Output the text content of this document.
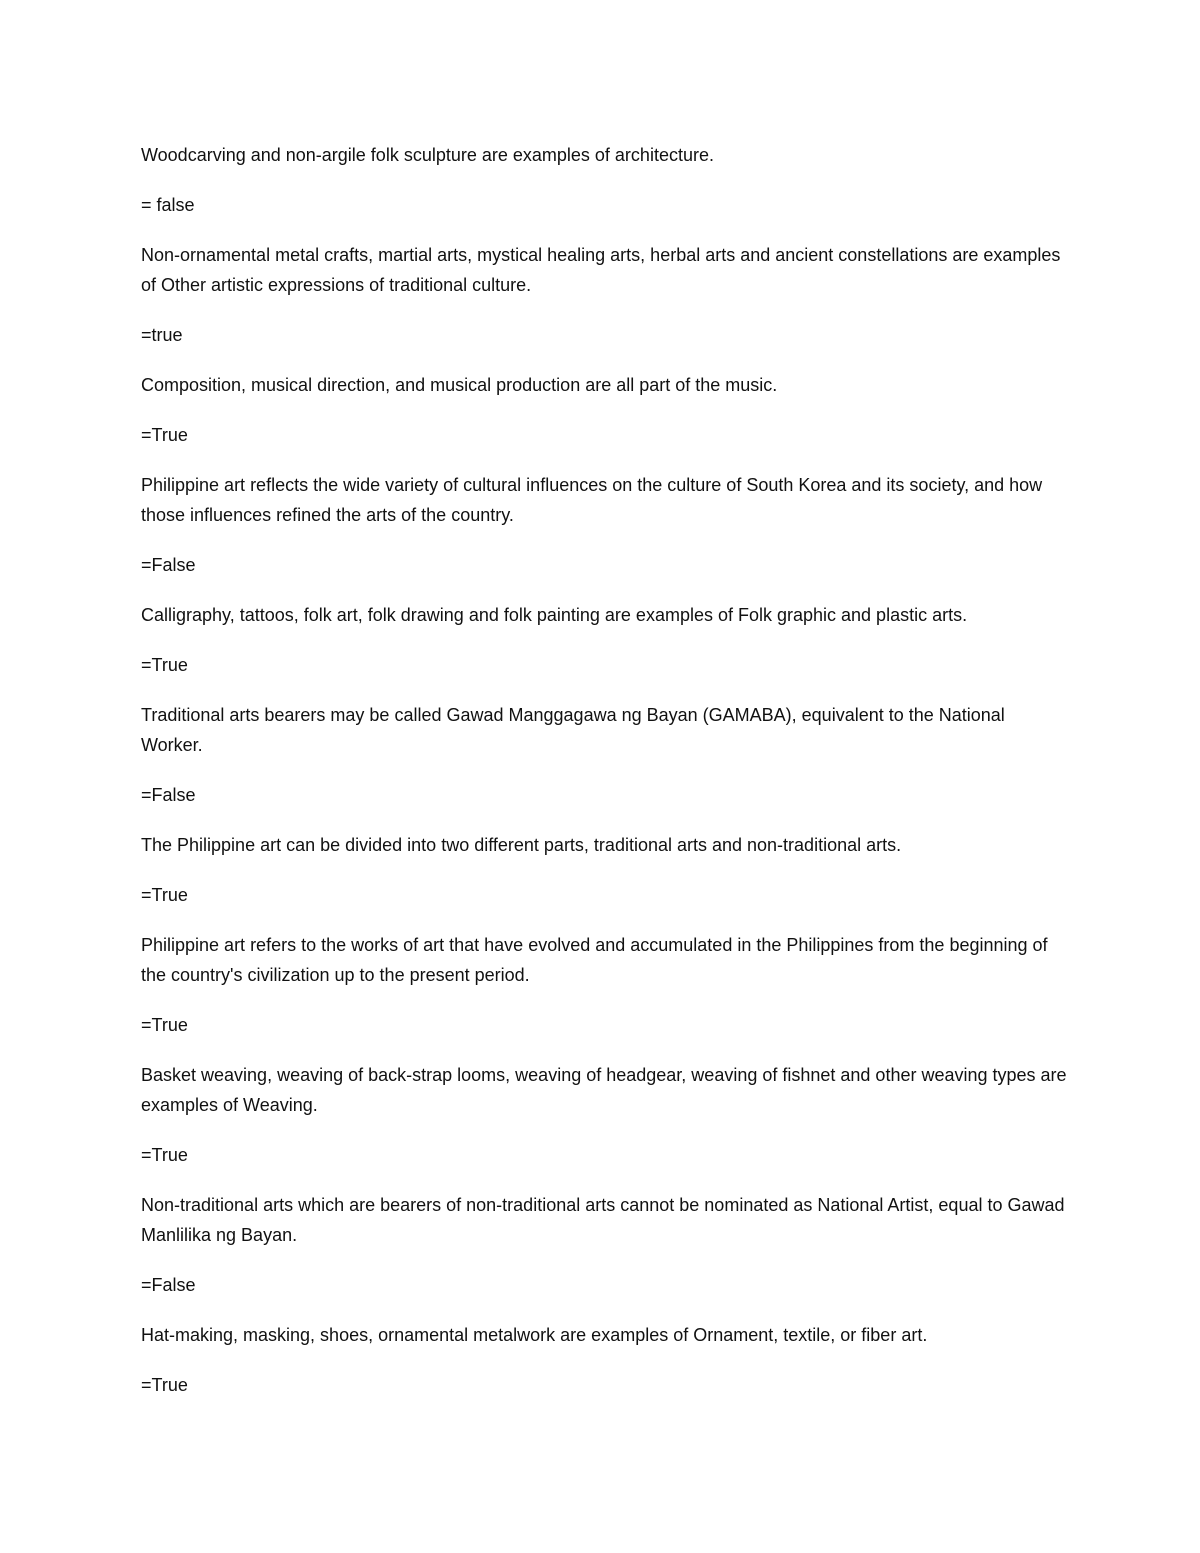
Woodcarving and non-argile folk sculpture are examples of architecture.

= false

Non-ornamental metal crafts, martial arts, mystical healing arts, herbal arts and ancient constellations are examples of Other artistic expressions of traditional culture.

=true

Composition, musical direction, and musical production are all part of the music.

=True

Philippine art reflects the wide variety of cultural influences on the culture of South Korea and its society, and how those influences refined the arts of the country.

=False

Calligraphy, tattoos, folk art, folk drawing and folk painting are examples of Folk graphic and plastic arts.

=True

Traditional arts bearers may be called Gawad Manggagawa ng Bayan (GAMABA), equivalent to the National Worker.

=False

The Philippine art can be divided into two different parts, traditional arts and non-traditional arts.

=True

Philippine art refers to the works of art that have evolved and accumulated in the Philippines from the beginning of the country's civilization up to the present period.

=True

Basket weaving, weaving of back-strap looms, weaving of headgear, weaving of fishnet and other weaving types are examples of Weaving.

=True

Non-traditional arts which are bearers of non-traditional arts cannot be nominated as National Artist, equal to Gawad Manlilika ng Bayan.

=False

Hat-making, masking, shoes, ornamental metalwork are examples of Ornament, textile, or fiber art.

=True
